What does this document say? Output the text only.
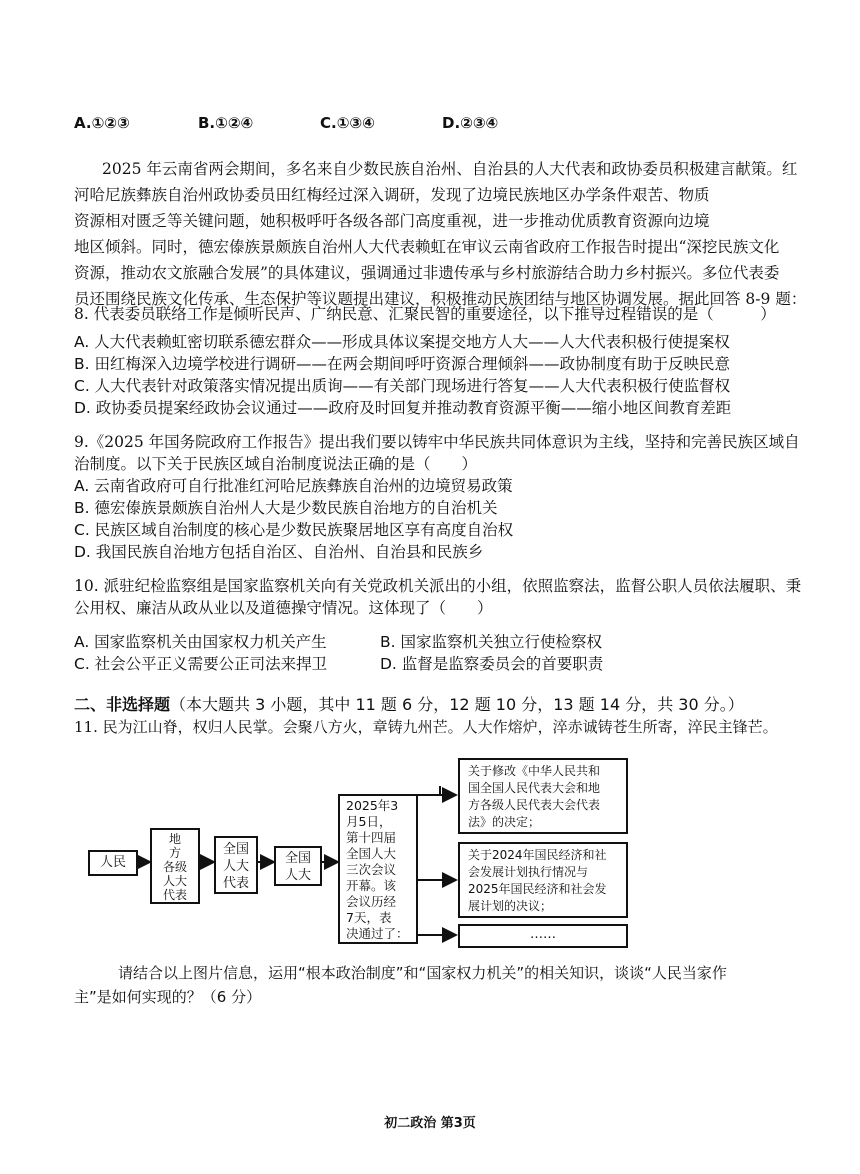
A.①②③	B.①②④	C.①③④	D.②③④
2025 年云南省两会期间，多名来自少数民族自治州、自治县的人大代表和政协委员积极建言献策。红
河哈尼族彝族自治州政协委员田红梅经过深入调研，发现了边境民族地区办学条件艰苦、物质
资源相对匮乏等关键问题，她积极呼吁各级各部门高度重视，进一步推动优质教育资源向边境
地区倾斜。同时，德宏傣族景颇族自治州人大代表赖虹在审议云南省政府工作报告时提出“深挖民族文化
资源，推动农文旅融合发展”的具体建议，强调通过非遗传承与乡村旅游结合助力乡村振兴。多位代表委
员还围绕民族文化传承、生态保护等议题提出建议，积极推动民族团结与地区协调发展。据此回答 8-9 题：
8. 代表委员联络工作是倾听民声、广纳民意、汇聚民智的重要途径，以下推导过程错误的是（　　　）
A. 人大代表赖虹密切联系德宏群众——形成具体议案提交地方人大——人大代表积极行使提案权
B. 田红梅深入边境学校进行调研——在两会期间呼吁资源合理倾斜——政协制度有助于反映民意
C. 人大代表针对政策落实情况提出质询——有关部门现场进行答复——人大代表积极行使监督权
D. 政协委员提案经政协会议通过——政府及时回复并推动教育资源平衡——缩小地区间教育差距
9.《2025 年国务院政府工作报告》提出我们要以铸牢中华民族共同体意识为主线，坚持和完善民族区域自
治制度。以下关于民族区域自治制度说法正确的是（　　）
A. 云南省政府可自行批准红河哈尼族彝族自治州的边境贸易政策
B. 德宏傣族景颇族自治州人大是少数民族自治地方的自治机关
C. 民族区域自治制度的核心是少数民族聚居地区享有高度自治权
D. 我国民族自治地方包括自治区、自治州、自治县和民族乡
10. 派驻纪检监察组是国家监察机关向有关党政机关派出的小组，依照监察法，监督公职人员依法履职、秉
公用权、廉洁从政从业以及道德操守情况。这体现了（　　）
A. 国家监察机关由国家权力机关产生	B. 国家监察机关独立行使检察权
C. 社会公平正义需要公正司法来捍卫	D. 监督是监察委员会的首要职责
二、非选择题（本大题共 3 小题，其中 11 题 6 分，12 题 10 分，13 题 14 分，共 30 分。）
11. 民为江山脊，权归人民掌。会聚八方火，章铸九州芒。人大作熔炉，淬赤诚铸苍生所寄，淬民主锋芒。
人民
地
方
各级
人大
代表
全国
人大
代表
全国
人大
2025年3
月5日，
第十四届
全国人大
三次会议
开幕。该
会议历经
7天，表
决通过了：
关于修改《中华人民共和
国全国人民代表大会和地
方各级人民代表大会代表
法》的决定；
关于2024年国民经济和社
会发展计划执行情况与
2025年国民经济和社会发
展计划的决议；
……
请结合以上图片信息，运用“根本政治制度”和“国家权力机关”的相关知识，谈谈“人民当家作
主”是如何实现的？（6 分）
初二政治 第3页
